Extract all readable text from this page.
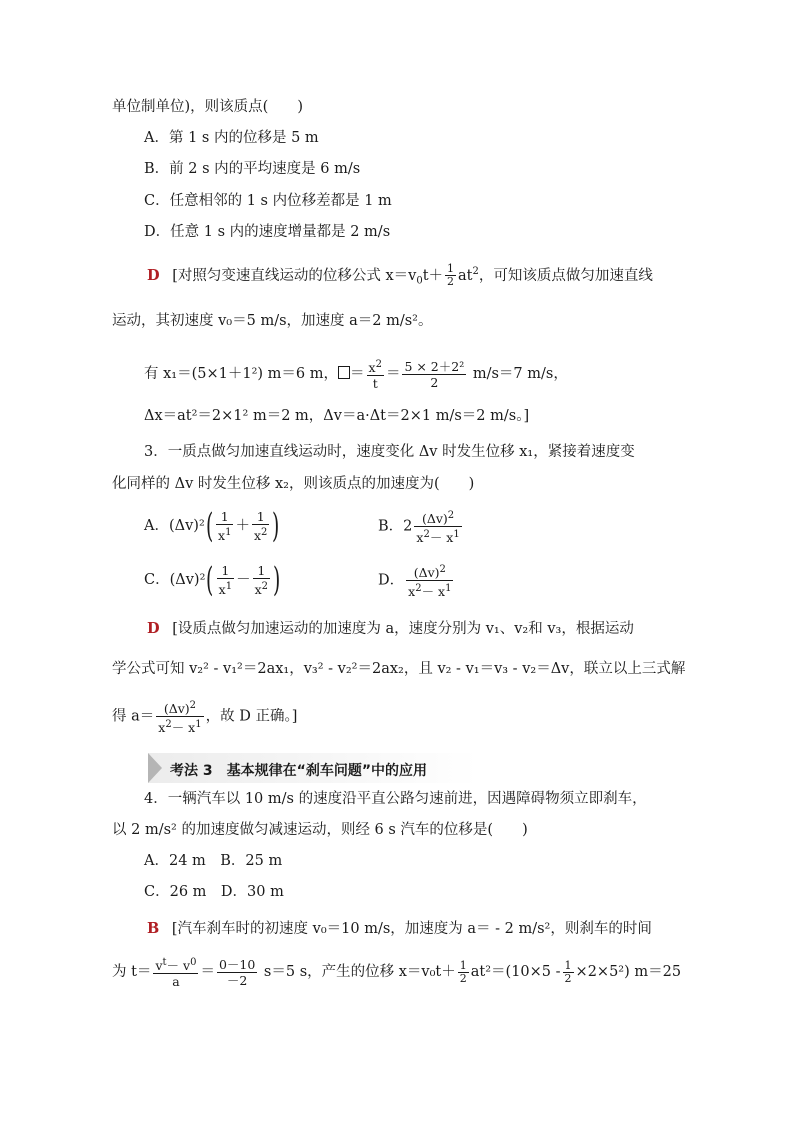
单位制单位)，则该质点(　　)
A．第 1 s 内的位移是 5 m
B．前 2 s 内的平均速度是 6 m/s
C．任意相邻的 1 s 内位移差都是 1 m
D．任意 1 s 内的速度增量都是 2 m/s
D [对照匀变速直线运动的位移公式 $x=v_0t+ \frac{1}{2} at^2$，可知该质点做匀加速直线
运动，其初速度 v₀＝5 m/s，加速度 a＝2 m/s²。
有 x₁＝(5×1＋1²) m＝6 m， ＝ $\frac{x^2}{t} = \frac{\text{5 × 2＋2²}}{2} m/s=7$ m/s，
Δx＝at²＝2×1² m＝2 m，Δv＝a·Δt＝2×1 m/s＝2 m/s。]
3．一质点做匀加速直线运动时，速度变化 Δv 时发生位移 x₁，紧接着速度变
化同样的 Δv 时发生位移 x₂，则该质点的加速度为(　　)
A．$(\Delta v)^2( \frac{1}{x^1} + \frac{1}{x^2}$ )	B．$2 \frac{(\Delta v)^2}{x^2- x^1}$
C．$(\Delta v)^2( \frac{1}{x^1} - \frac{1}{x^2}$ )	D． $\frac{(\Delta v)^2}{x^2- x^1}$
D [设质点做匀加速运动的加速度为 a，速度分别为 v₁、v₂和 v₃，根据运动
学公式可知 v₂² - v₁²＝2ax₁，v₃² - v₂²＝2ax₂，且 v₂ - v₁＝v₃ - v₂＝Δv，联立以上三式解
得 $a= \frac{(\Delta v)^2}{x^2- x^1}$ ，故 D 正确。]
考法 3 基本规律在“刹车问题”中的应用
4．一辆汽车以 10 m/s 的速度沿平直公路匀速前进，因遇障碍物须立即刹车，
以 2 m/s² 的加速度做匀减速运动，则经 6 s 汽车的位移是(　　)
A．24 m　B．25 m
C．26 m　D．30 m
B [汽车刹车时的初速度 v₀＝10 m/s，加速度为 a＝ - 2 m/s²，则刹车的时间
为 $t= \frac{v^t- v^0}{a} = \frac{0-10}{-2} s=5$ s，产生的位移 $x=v_0t+ \frac{1}{2} at^2=(10\times 5 - \frac{1}{2} \times 2\times 5^2)$ m＝25
